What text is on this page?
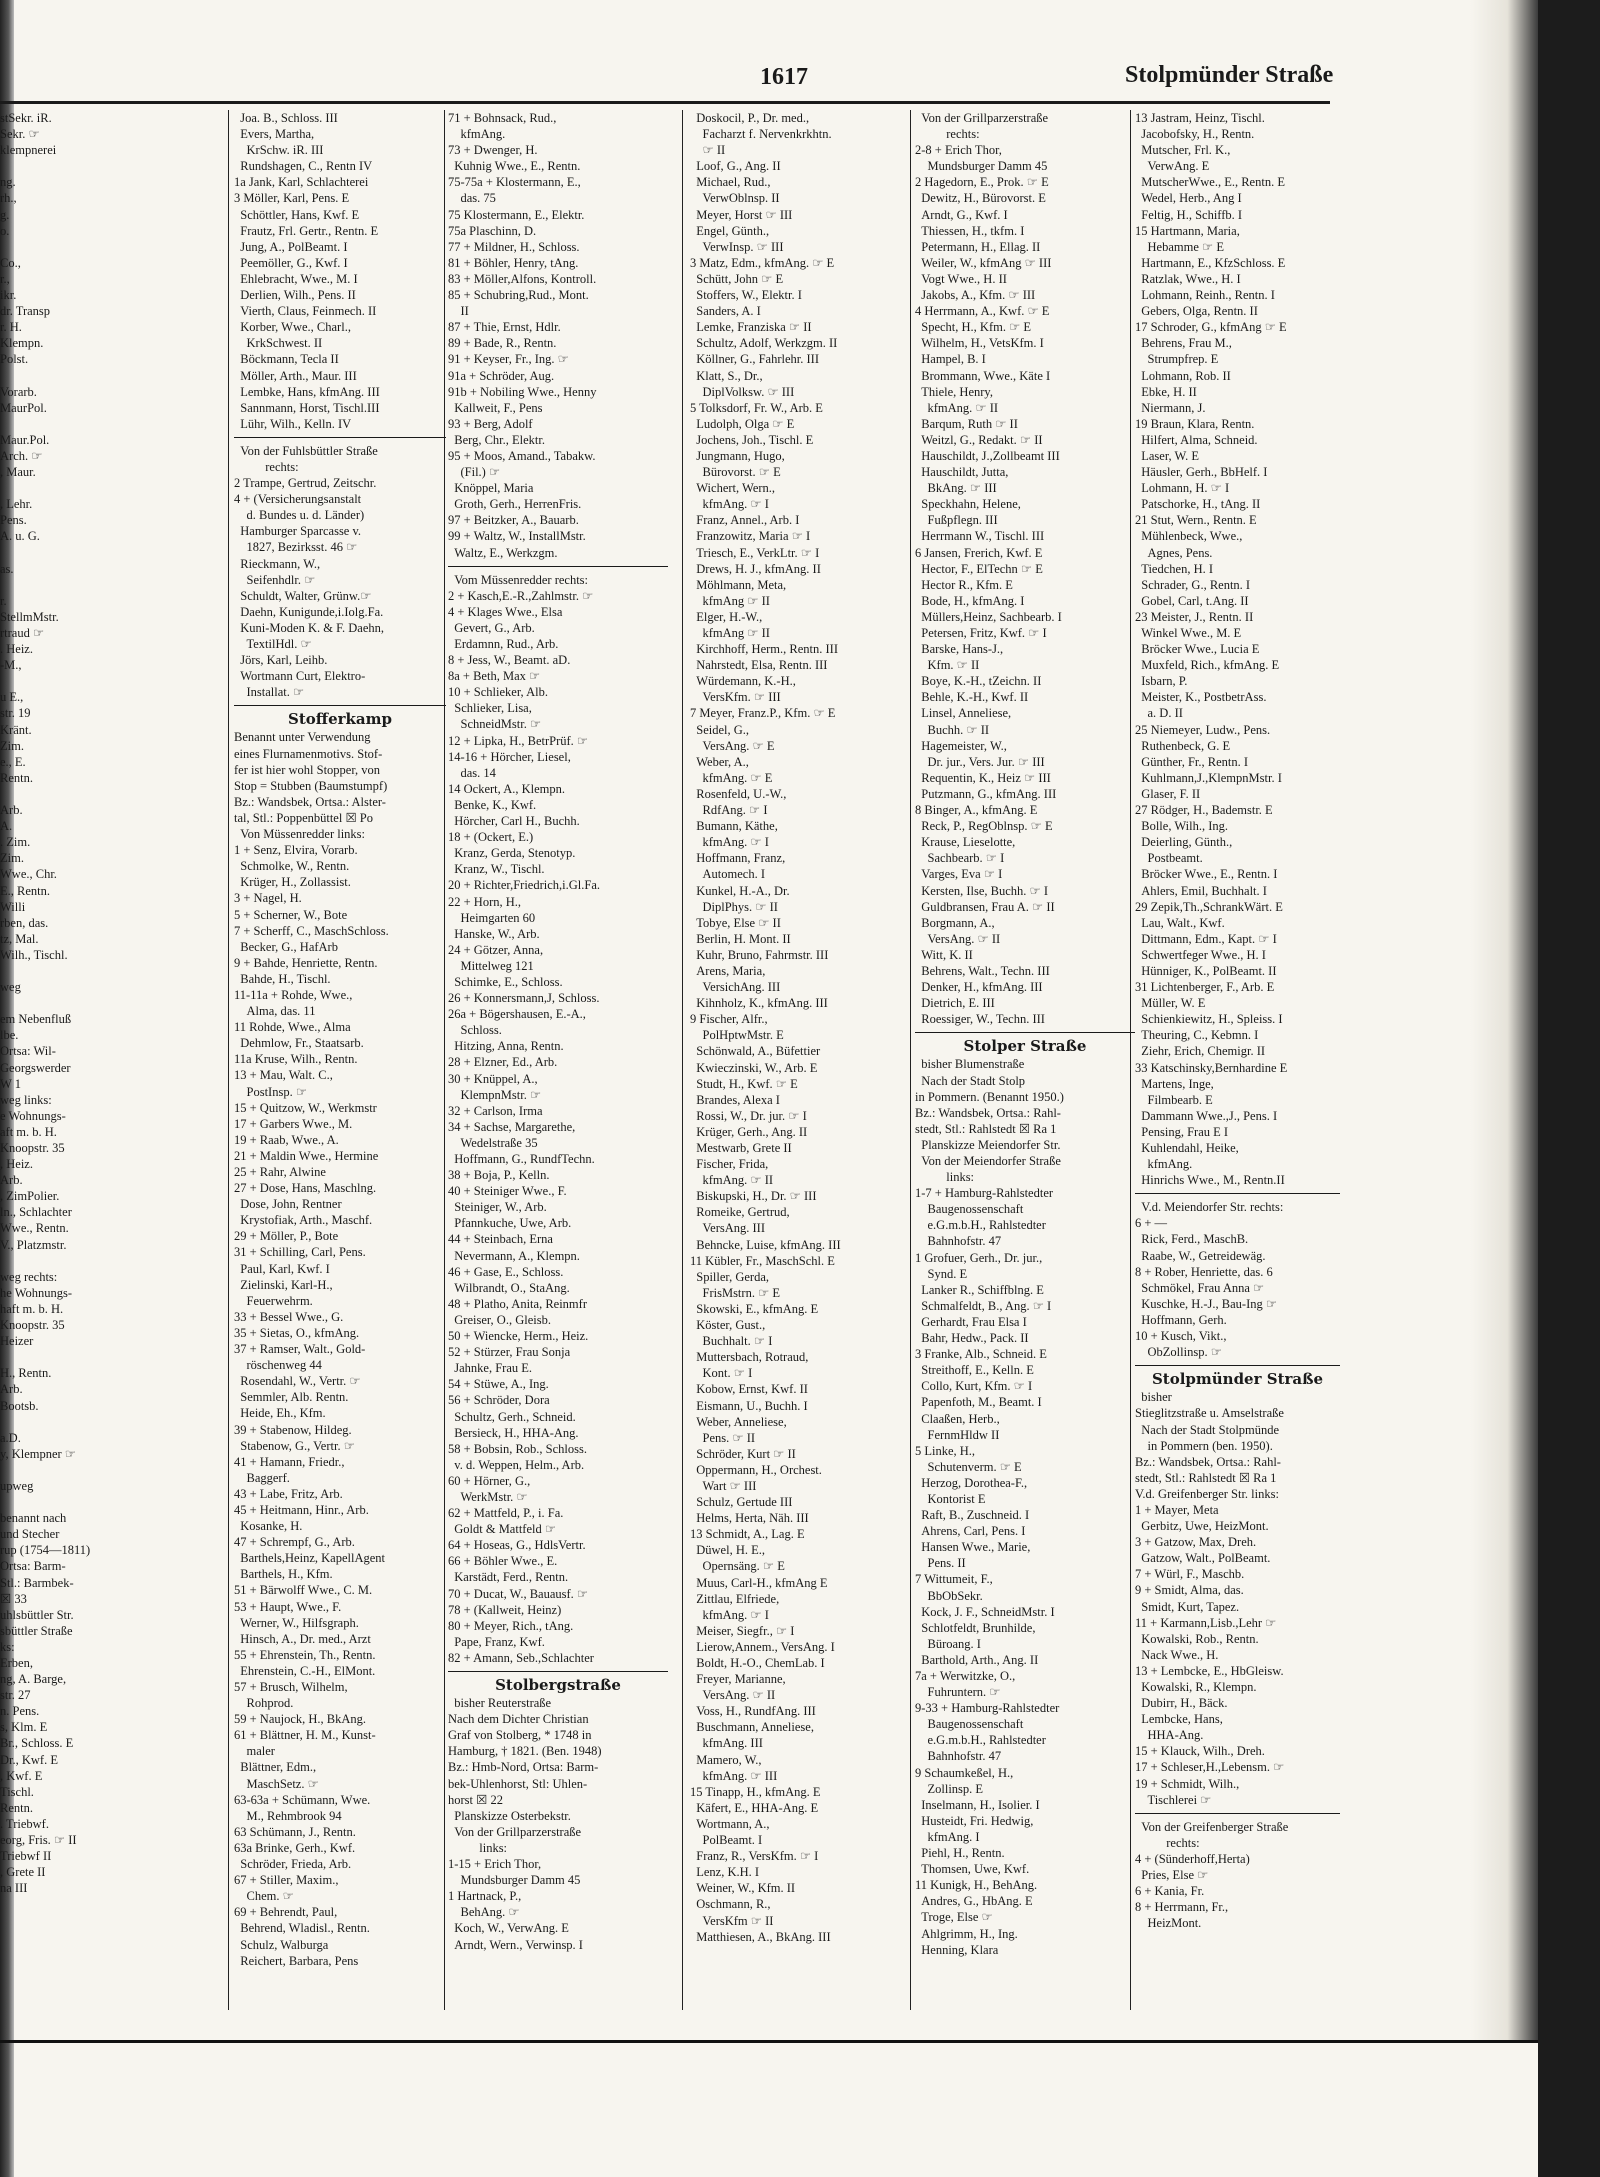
1617	Stolpmünder Straße
stSekr. iR.
Sekr. ☞
klempnerei

ng.
rh.,
g.
o.

Co.,
r.,
ikr.
dr. Transp
r. H.
Klempn.
Polst.

Vorarb.
MaurPol.

Maur.Pol.
Arch. ☞
, Maur.

, Lehr.
Pens.
A. u. G.

as.

r.
StellmMstr.
rtraud ☞
. Heiz.
-M.,

u E.,
str. 19
Kränt.
Zim.
e., E.
Rentn.

Arb.
A.
. Zim.
Zim.
Wwe., Chr.
E., Rentn.
Willi
rben, das.
tz, Mal.
Wilh., Tischl.

weg

em Nebenfluß
lbe.
Ortsa: Wil-
Georgswerder
W 1
weg links:
e Wohnungs-
aft m. b. H.
Knoopstr. 35
, Heiz.
Arb.
, ZimPolier.
ln., Schlachter
Wwe., Rentn.
V., Platzmstr.

weg rechts:
he Wohnungs-
haft m. b. H.
Knoopstr. 35
Heizer

H., Rentn.
Arb.
Bootsb.

a.D.
y, Klempner ☞

upweg

benannt nach
und Stecher
rup (1754—1811)
Ortsa: Barm-
Stl.: Barmbek-
☒ 33
uhlsbüttler Str.
sbüttler Straße
ks:
Erben,
ng, A. Barge,
str. 27
n. Pens.
s, Klm. E
Br., Schloss. E
Dr., Kwf. E
, Kwf. E
Tischl.
Rentn.
. Triebwf.
eorg, Fris. ☞ II
Triebwf II
, Grete II
na III
Joa. B., Schloss. III
Evers, Martha,
KrSchw. iR. III
Rundshagen, C., Rentn IV
1a Jank, Karl, Schlachterei
3 Möller, Karl, Pens. E
Schöttler, Hans, Kwf. E
Frautz, Frl. Gertr., Rentn. E
Jung, A., PolBeamt. I
Peemöller, G., Kwf. I
Ehlebracht, Wwe., M. I
Derlien, Wilh., Pens. II
Vierth, Claus, Feinmech. II
Korber, Wwe., Charl.,
KrkSchwest. II
Böckmann, Tecla II
Möller, Arth., Maur. III
Lembke, Hans, kfmAng. III
Sannmann, Horst, Tischl.III
Lühr, Wilh., Kelln. IV
Von der Fuhlsbüttler Straße
rechts:
2 Trampe, Gertrud, Zeitschr.
4 + (Versicherungsanstalt
d. Bundes u. d. Länder)
Hamburger Sparcasse v.
1827, Bezirksst. 46 ☞
Rieckmann, W.,
Seifenhdlr. ☞
Schuldt, Walter, Grünw.☞
Daehn, Kunigunde,i.Iolg.Fa.
Kuni-Moden K. & F. Daehn,
TextilHdl. ☞
Jörs, Karl, Leihb.
Wortmann Curt, Elektro-
Installat. ☞
Stofferkamp
Benannt unter Verwendung
eines Flurnamenmotivs. Stof-
fer ist hier wohl Stopper, von
Stop = Stubben (Baumstumpf)
Bz.: Wandsbek, Ortsa.: Alster-
tal, Stl.: Poppenbüttel ☒ Po
Von Müssenredder links:
1 + Senz, Elvira, Vorarb.
Schmolke, W., Rentn.
Krüger, H., Zollassist.
3 + Nagel, H.
5 + Scherner, W., Bote
7 + Scherff, C., MaschSchloss.
Becker, G., HafArb
9 + Bahde, Henriette, Rentn.
Bahde, H., Tischl.
11-11a + Rohde, Wwe.,
Alma, das. 11
11 Rohde, Wwe., Alma
Dehmlow, Fr., Staatsarb.
11a Kruse, Wilh., Rentn.
13 + Mau, Walt. C.,
PostInsp. ☞
15 + Quitzow, W., Werkmstr
17 + Garbers Wwe., M.
19 + Raab, Wwe., A.
21 + Maldin Wwe., Hermine
25 + Rahr, Alwine
27 + Dose, Hans, Maschlng.
Dose, John, Rentner
Krystofiak, Arth., Maschf.
29 + Möller, P., Bote
31 + Schilling, Carl, Pens.
Paul, Karl, Kwf. I
Zielinski, Karl-H.,
Feuerwehrm.
33 + Bessel Wwe., G.
35 + Sietas, O., kfmAng.
37 + Ramser, Walt., Gold-
röschenweg 44
Rosendahl, W., Vertr. ☞
Semmler, Alb. Rentn.
Heide, Eh., Kfm.
39 + Stabenow, Hildeg.
Stabenow, G., Vertr. ☞
41 + Hamann, Friedr.,
Baggerf.
43 + Labe, Fritz, Arb.
45 + Heitmann, Hinr., Arb.
Kosanke, H.
47 + Schrempf, G., Arb.
Barthels,Heinz, KapellAgent
Barthels, H., Kfm.
51 + Bärwolff Wwe., C. M.
53 + Haupt, Wwe., F.
Werner, W., Hilfsgraph.
Hinsch, A., Dr. med., Arzt
55 + Ehrenstein, Th., Rentn.
Ehrenstein, C.-H., ElMont.
57 + Brusch, Wilhelm,
Rohprod.
59 + Naujock, H., BkAng.
61 + Blättner, H. M., Kunst-
maler
Blättner, Edm.,
MaschSetz. ☞
63-63a + Schümann, Wwe.
M., Rehmbrook 94
63 Schümann, J., Rentn.
63a Brinke, Gerh., Kwf.
Schröder, Frieda, Arb.
67 + Stiller, Maxim.,
Chem. ☞
69 + Behrendt, Paul,
Behrend, Wladisl., Rentn.
Schulz, Walburga
Reichert, Barbara, Pens
71 + Bohnsack, Rud.,
kfmAng.
73 + Dwenger, H.
Kuhnig Wwe., E., Rentn.
75-75a + Klostermann, E.,
das. 75
75 Klostermann, E., Elektr.
75a Plaschinn, D.
77 + Mildner, H., Schloss.
81 + Böhler, Henry, tAng.
83 + Möller,Alfons, Kontroll.
85 + Schubring,Rud., Mont.
II
87 + Thie, Ernst, Hdlr.
89 + Bade, R., Rentn.
91 + Keyser, Fr., Ing. ☞
91a + Schröder, Aug.
91b + Nobiling Wwe., Henny
Kallweit, F., Pens
93 + Berg, Adolf
Berg, Chr., Elektr.
95 + Moos, Amand., Tabakw.
(Fil.) ☞
Knöppel, Maria
Groth, Gerh., HerrenFris.
97 + Beitzker, A., Bauarb.
99 + Waltz, W., InstallMstr.
Waltz, E., Werkzgm.
Vom Müssenredder rechts:
2 + Kasch,E.-R.,Zahlmstr. ☞
4 + Klages Wwe., Elsa
Gevert, G., Arb.
Erdamnn, Rud., Arb.
8 + Jess, W., Beamt. aD.
8a + Beth, Max ☞
10 + Schlieker, Alb.
Schlieker, Lisa,
SchneidMstr. ☞
12 + Lipka, H., BetrPrüf. ☞
14-16 + Hörcher, Liesel,
das. 14
14 Ockert, A., Klempn.
Benke, K., Kwf.
Hörcher, Carl H., Buchh.
18 + (Ockert, E.)
Kranz, Gerda, Stenotyp.
Kranz, W., Tischl.
20 + Richter,Friedrich,i.Gl.Fa.
22 + Horn, H.,
Heimgarten 60
Hanske, W., Arb.
24 + Götzer, Anna,
Mittelweg 121
Schimke, E., Schloss.
26 + Konnersmann,J, Schloss.
26a + Bögershausen, E.-A.,
Schloss.
Hitzing, Anna, Rentn.
28 + Elzner, Ed., Arb.
30 + Knüppel, A.,
KlempnMstr. ☞
32 + Carlson, Irma
34 + Sachse, Margarethe,
Wedelstraße 35
Hoffmann, G., RundfTechn.
38 + Boja, P., Kelln.
40 + Steiniger Wwe., F.
Steiniger, W., Arb.
Pfannkuche, Uwe, Arb.
44 + Steinbach, Erna
Nevermann, A., Klempn.
46 + Gase, E., Schloss.
Wilbrandt, O., StaAng.
48 + Platho, Anita, Reinmfr
Greiser, O., Gleisb.
50 + Wiencke, Herm., Heiz.
52 + Stürzer, Frau Sonja
Jahnke, Frau E.
54 + Stüwe, A., Ing.
56 + Schröder, Dora
Schultz, Gerh., Schneid.
Bersieck, H., HHA-Ang.
58 + Bobsin, Rob., Schloss.
v. d. Weppen, Helm., Arb.
60 + Hörner, G.,
WerkMstr. ☞
62 + Mattfeld, P., i. Fa.
Goldt & Mattfeld ☞
64 + Hoseas, G., HdlsVertr.
66 + Böhler Wwe., E.
Karstädt, Ferd., Rentn.
70 + Ducat, W., Bauausf. ☞
78 + (Kallweit, Heinz)
80 + Meyer, Rich., tAng.
Pape, Franz, Kwf.
82 + Amann, Seb.,Schlachter
Stolbergstraße
bisher Reuterstraße
Nach dem Dichter Christian
Graf von Stolberg, * 1748 in
Hamburg, † 1821. (Ben. 1948)
Bz.: Hmb-Nord, Ortsa: Barm-
bek-Uhlenhorst, Stl: Uhlen-
horst ☒ 22
Planskizze Osterbekstr.
Von der Grillparzerstraße
links:
1-15 + Erich Thor,
Mundsburger Damm 45
1 Hartnack, P.,
BehAng. ☞
Koch, W., VerwAng. E
Arndt, Wern., Verwinsp. I
Doskocil, P., Dr. med.,
Facharzt f. Nervenkrkhtn.
☞ II
Loof, G., Ang. II
Michael, Rud.,
VerwOblnsp. II
Meyer, Horst ☞ III
Engel, Günth.,
VerwInsp. ☞ III
3 Matz, Edm., kfmAng. ☞ E
Schütt, John ☞ E
Stoffers, W., Elektr. I
Sanders, A. I
Lemke, Franziska ☞ II
Schultz, Adolf, Werkzgm. II
Köllner, G., Fahrlehr. III
Klatt, S., Dr.,
DiplVolksw. ☞ III
5 Tolksdorf, Fr. W., Arb. E
Ludolph, Olga ☞ E
Jochens, Joh., Tischl. E
Jungmann, Hugo,
Bürovorst. ☞ E
Wichert, Wern.,
kfmAng. ☞ I
Franz, Annel., Arb. I
Franzowitz, Maria ☞ I
Triesch, E., VerkLtr. ☞ I
Drews, H. J., kfmAng. II
Möhlmann, Meta,
kfmAng ☞ II
Elger, H.-W.,
kfmAng ☞ II
Kirchhoff, Herm., Rentn. III
Nahrstedt, Elsa, Rentn. III
Würdemann, K.-H.,
VersKfm. ☞ III
7 Meyer, Franz.P., Kfm. ☞ E
Seidel, G.,
VersAng. ☞ E
Weber, A.,
kfmAng. ☞ E
Rosenfeld, U.-W.,
RdfAng. ☞ I
Bumann, Käthe,
kfmAng. ☞ I
Hoffmann, Franz,
Automech. I
Kunkel, H.-A., Dr.
DiplPhys. ☞ II
Tobye, Else ☞ II
Berlin, H. Mont. II
Kuhr, Bruno, Fahrmstr. III
Arens, Maria,
VersichAng. III
Kihnholz, K., kfmAng. III
9 Fischer, Alfr.,
PolHptwMstr. E
Schönwald, A., Büfettier
Kwieczinski, W., Arb. E
Studt, H., Kwf. ☞ E
Brandes, Alexa I
Rossi, W., Dr. jur. ☞ I
Krüger, Gerh., Ang. II
Mestwarb, Grete II
Fischer, Frida,
kfmAng. ☞ II
Biskupski, H., Dr. ☞ III
Romeike, Gertrud,
VersAng. III
Behncke, Luise, kfmAng. III
11 Kübler, Fr., MaschSchl. E
Spiller, Gerda,
FrisMstrn. ☞ E
Skowski, E., kfmAng. E
Köster, Gust.,
Buchhalt. ☞ I
Muttersbach, Rotraud,
Kont. ☞ I
Kobow, Ernst, Kwf. II
Eismann, U., Buchh. I
Weber, Anneliese,
Pens. ☞ II
Schröder, Kurt ☞ II
Oppermann, H., Orchest.
Wart ☞ III
Schulz, Gertude III
Helms, Herta, Näh. III
13 Schmidt, A., Lag. E
Düwel, H. E.,
Opernsäng. ☞ E
Muus, Carl-H., kfmAng E
Zittlau, Elfriede,
kfmAng. ☞ I
Meiser, Siegfr., ☞ I
Lierow,Annem., VersAng. I
Boldt, H.-O., ChemLab. I
Freyer, Marianne,
VersAng. ☞ II
Voss, H., RundfAng. III
Buschmann, Anneliese,
kfmAng. III
Mamero, W.,
kfmAng. ☞ III
15 Tinapp, H., kfmAng. E
Käfert, E., HHA-Ang. E
Wortmann, A.,
PolBeamt. I
Franz, R., VersKfm. ☞ I
Lenz, K.H. I
Weiner, W., Kfm. II
Oschmann, R.,
VersKfm ☞ II
Matthiesen, A., BkAng. III
Von der Grillparzerstraße
rechts:
2-8 + Erich Thor,
Mundsburger Damm 45
2 Hagedorn, E., Prok. ☞ E
Dewitz, H., Bürovorst. E
Arndt, G., Kwf. I
Thiessen, H., tkfm. I
Petermann, H., Ellag. II
Weiler, W., kfmAng ☞ III
Vogt Wwe., H. II
Jakobs, A., Kfm. ☞ III
4 Herrmann, A., Kwf. ☞ E
Specht, H., Kfm. ☞ E
Wilhelm, H., VetsKfm. I
Hampel, B. I
Brommann, Wwe., Käte I
Thiele, Henry,
kfmAng. ☞ II
Barqum, Ruth ☞ II
Weitzl, G., Redakt. ☞ II
Hauschildt, J.,Zollbeamt III
Hauschildt, Jutta,
BkAng. ☞ III
Speckhahn, Helene,
Fußpflegn. III
Herrmann W., Tischl. III
6 Jansen, Frerich, Kwf. E
Hector, F., ElTechn ☞ E
Hector R., Kfm. E
Bode, H., kfmAng. I
Müllers,Heinz, Sachbearb. I
Petersen, Fritz, Kwf. ☞ I
Barske, Hans-J.,
Kfm. ☞ II
Boye, K.-H., tZeichn. II
Behle, K.-H., Kwf. II
Linsel, Anneliese,
Buchh. ☞ II
Hagemeister, W.,
Dr. jur., Vers. Jur. ☞ III
Requentin, K., Heiz ☞ III
Putzmann, G., kfmAng. III
8 Binger, A., kfmAng. E
Reck, P., RegOblnsp. ☞ E
Krause, Lieselotte,
Sachbearb. ☞ I
Varges, Eva ☞ I
Kersten, Ilse, Buchh. ☞ I
Guldbransen, Frau A. ☞ II
Borgmann, A.,
VersAng. ☞ II
Witt, K. II
Behrens, Walt., Techn. III
Denker, H., kfmAng. III
Dietrich, E. III
Roessiger, W., Techn. III
Stolper Straße
bisher Blumenstraße
Nach der Stadt Stolp
in Pommern. (Benannt 1950.)
Bz.: Wandsbek, Ortsa.: Rahl-
stedt, Stl.: Rahlstedt ☒ Ra 1
Planskizze Meiendorfer Str.
Von der Meiendorfer Straße
links:
1-7 + Hamburg-Rahlstedter
Baugenossenschaft
e.G.m.b.H., Rahlstedter
Bahnhofstr. 47
1 Grofuer, Gerh., Dr. jur.,
Synd. E
Lanker R., Schiffblng. E
Schmalfeldt, B., Ang. ☞ I
Gerhardt, Frau Elsa I
Bahr, Hedw., Pack. II
3 Franke, Alb., Schneid. E
Streithoff, E., Kelln. E
Collo, Kurt, Kfm. ☞ I
Papenfoth, M., Beamt. I
Claaßen, Herb.,
FernmHldw II
5 Linke, H.,
Schutenverm. ☞ E
Herzog, Dorothea-F.,
Kontorist E
Raft, B., Zuschneid. I
Ahrens, Carl, Pens. I
Hansen Wwe., Marie,
Pens. II
7 Wittumeit, F.,
BbObSekr.
Kock, J. F., SchneidMstr. I
Schlotfeldt, Brunhilde,
Büroang. I
Barthold, Arth., Ang. II
7a + Werwitzke, O.,
Fuhruntern. ☞
9-33 + Hamburg-Rahlstedter
Baugenossenschaft
e.G.m.b.H., Rahlstedter
Bahnhofstr. 47
9 Schaumkeßel, H.,
Zollinsp. E
Inselmann, H., Isolier. I
Husteidt, Fri. Hedwig,
kfmAng. I
Piehl, H., Rentn.
Thomsen, Uwe, Kwf.
11 Kunigk, H., BehAng.
Andres, G., HbAng. E
Troge, Else ☞
Ahlgrimm, H., Ing.
Henning, Klara
13 Jastram, Heinz, Tischl.
Jacobofsky, H., Rentn.
Mutscher, Frl. K.,
VerwAng. E
MutscherWwe., E., Rentn. E
Wedel, Herb., Ang I
Feltig, H., Schiffb. I
15 Hartmann, Maria,
Hebamme ☞ E
Hartmann, E., KfzSchloss. E
Ratzlak, Wwe., H. I
Lohmann, Reinh., Rentn. I
Gebers, Olga, Rentn. II
17 Schroder, G., kfmAng ☞ E
Behrens, Frau M.,
Strumpfrep. E
Lohmann, Rob. II
Ebke, H. II
Niermann, J.
19 Braun, Klara, Rentn.
Hilfert, Alma, Schneid.
Laser, W. E
Häusler, Gerh., BbHelf. I
Lohmann, H. ☞ I
Patschorke, H., tAng. II
21 Stut, Wern., Rentn. E
Mühlenbeck, Wwe.,
Agnes, Pens.
Tiedchen, H. I
Schrader, G., Rentn. I
Gobel, Carl, t.Ang. II
23 Meister, J., Rentn. II
Winkel Wwe., M. E
Bröcker Wwe., Lucia E
Muxfeld, Rich., kfmAng. E
Isbarn, P.
Meister, K., PostbetrAss.
a. D. II
25 Niemeyer, Ludw., Pens.
Ruthenbeck, G. E
Günther, Fr., Rentn. I
Kuhlmann,J.,KlempnMstr. I
Glaser, F. II
27 Rödger, H., Bademstr. E
Bolle, Wilh., Ing.
Deierling, Günth.,
Postbeamt.
Bröcker Wwe., E., Rentn. I
Ahlers, Emil, Buchhalt. I
29 Zepik,Th.,SchrankWärt. E
Lau, Walt., Kwf.
Dittmann, Edm., Kapt. ☞ I
Schwertfeger Wwe., H. I
Hünniger, K., PolBeamt. II
31 Lichtenberger, F., Arb. E
Müller, W. E
Schienkiewitz, H., Spleiss. I
Theuring, C., Kebmn. I
Ziehr, Erich, Chemigr. II
33 Katschinsky,Bernhardine E
Martens, Inge,
Filmbearb. E
Dammann Wwe.,J., Pens. I
Pensing, Frau E I
Kuhlendahl, Heike,
kfmAng.
Hinrichs Wwe., M., Rentn.II
V.d. Meiendorfer Str. rechts:
6 + —
Rick, Ferd., MaschB.
Raabe, W., Getreidewäg.
8 + Rober, Henriette, das. 6
Schmökel, Frau Anna ☞
Kuschke, H.-J., Bau-Ing ☞
Hoffmann, Gerh.
10 + Kusch, Vikt.,
ObZollinsp. ☞
Stolpmünder Straße
bisher
Stieglitzstraße u. Amselstraße
Nach der Stadt Stolpmünde
in Pommern (ben. 1950).
Bz.: Wandsbek, Ortsa.: Rahl-
stedt, Stl.: Rahlstedt ☒ Ra 1
V.d. Greifenberger Str. links:
1 + Mayer, Meta
Gerbitz, Uwe, HeizMont.
3 + Gatzow, Max, Dreh.
Gatzow, Walt., PolBeamt.
7 + Würl, F., Maschb.
9 + Smidt, Alma, das.
Smidt, Kurt, Tapez.
11 + Karmann,Lisb.,Lehr ☞
Kowalski, Rob., Rentn.
Nack Wwe., H.
13 + Lembcke, E., HbGleisw.
Kowalski, R., Klempn.
Dubirr, H., Bäck.
Lembcke, Hans,
HHA-Ang.
15 + Klauck, Wilh., Dreh.
17 + Schleser,H.,Lebensm. ☞
19 + Schmidt, Wilh.,
Tischlerei ☞
Von der Greifenberger Straße
rechts:
4 + (Sünderhoff,Herta)
Pries, Else ☞
6 + Kania, Fr.
8 + Herrmann, Fr.,
HeizMont.
